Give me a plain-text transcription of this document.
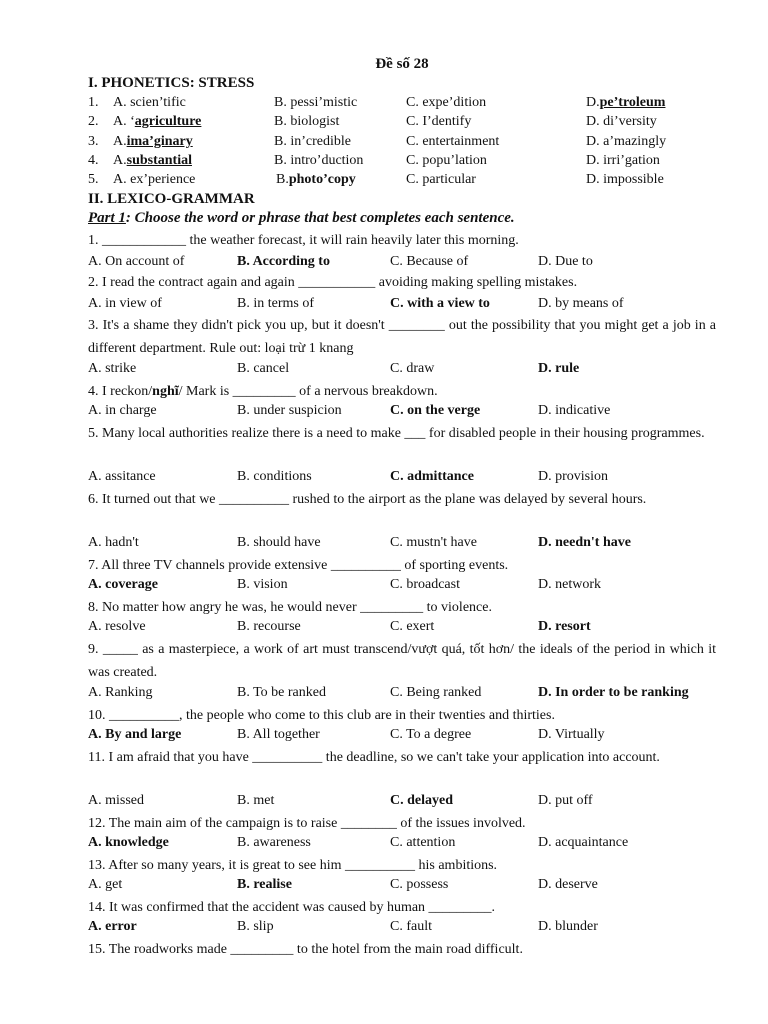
Đề số 28
I. PHONETICS: STRESS
1. A. scien’tific	B. pessi’mistic	C. expe’dition	D. pe’troleum
2. A. ‘ agriculture	B. biologist	C. I’dentify	D. di’versity
3. A. ima’ginary	B. in’credible	C. entertainment	D. a’mazingly
4. A. substantial	B. intro’duction	C. popu’lation	D. irri’gation
5. A. ex’perience	B. photo’copy	C. particular	D. impossible
II. LEXICO-GRAMMAR
Part 1: Choose the word or phrase that best completes each sentence.
1. ____________ the weather forecast, it will rain heavily later this morning.
A. On account of	B. According to	C. Because of	D. Due to
2. I read the contract again and again ___________ avoiding making spelling mistakes.
A. in view of	B. in terms of	C. with a view to	D. by means of
3. It's a shame they didn't pick you up, but it doesn't ________ out the possibility that you might get a job in a different department. Rule out: loại trừ 1 knang
A. strike	B. cancel	C. draw	D. rule
4. I reckon/nghĩ/ Mark is _________ of a nervous breakdown.
A. in charge	B. under suspicion	C. on the verge	D. indicative
5. Many local authorities realize there is a need to make ___ for disabled people in their housing programmes.
A. assitance	B. conditions	C. admittance	D. provision
6. It turned out that we __________ rushed to the airport as the plane was delayed by several hours.
A. hadn't	B. should have	C. mustn't have	D. needn't have
7. All three TV channels provide extensive __________ of sporting events.
A. coverage	B. vision	C. broadcast	D. network
8. No matter how angry he was, he would never _________ to violence.
A. resolve	B. recourse	C. exert	D. resort
9. _____ as a masterpiece, a work of art must transcend/vượt quá, tốt hơn/ the ideals of the period in which it was created.
A. Ranking	B. To be ranked	C. Being ranked	D. In order to be ranking
10. __________, the people who come to this club are in their twenties and thirties.
A. By and large	B. All together	C. To a degree	D. Virtually
11. I am afraid that you have __________ the deadline, so we can't take your application into account.
A. missed	B. met	C. delayed	D. put off
12. The main aim of the campaign is to raise ________ of the issues involved.
A. knowledge	B. awareness	C. attention	D. acquaintance
13. After so many years, it is great to see him __________ his ambitions.
A. get	B. realise	C. possess	D. deserve
14. It was confirmed that the accident was caused by human _________.
A. error	B. slip	C. fault	D. blunder
15. The roadworks made _________ to the hotel from the main road difficult.
